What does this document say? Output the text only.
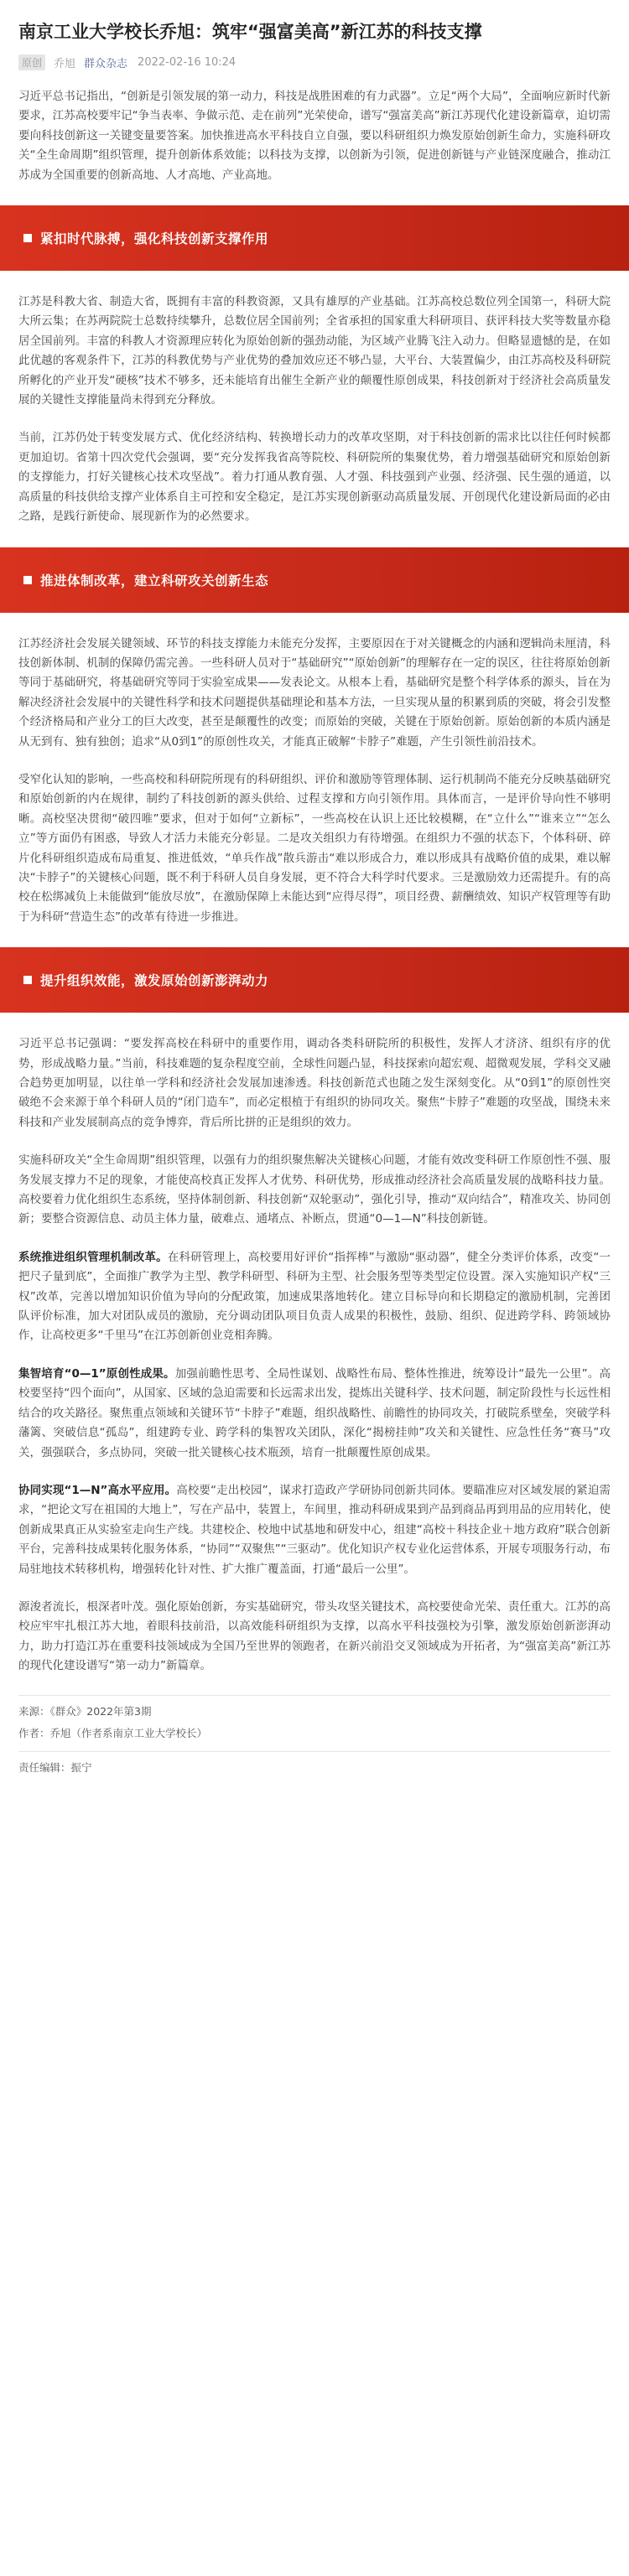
南京工业大学校长乔旭：筑牢“强富美高”新江苏的科技支撑
原创	乔旭 群众杂志 2022-02-16 10:24

习近平总书记指出，“创新是引领发展的第一动力，科技是战胜困难的有力武器”。立足“两个大局”，全面响应新时代新要求，江苏高校要牢记“争当表率、争做示范、走在前列”光荣使命，谱写“强富美高”新江苏现代化建设新篇章，迫切需要向科技创新这一关键变量要答案。加快推进高水平科技自立自强，要以科研组织力焕发原始创新生命力，实施科研攻关“全生命周期”组织管理，提升创新体系效能；以科技为支撑，以创新为引领，促进创新链与产业链深度融合，推动江苏成为全国重要的创新高地、人才高地、产业高地。

紧扣时代脉搏，强化科技创新支撑作用

江苏是科教大省、制造大省，既拥有丰富的科教资源，又具有雄厚的产业基础。江苏高校总数位列全国第一，科研大院大所云集；在苏两院院士总数持续攀升，总数位居全国前列；全省承担的国家重大科研项目、获评科技大奖等数量亦稳居全国前列。丰富的科教人才资源理应转化为原始创新的强劲动能，为区域产业腾飞注入动力。但略显遗憾的是，在如此优越的客观条件下，江苏的科教优势与产业优势的叠加效应还不够凸显，大平台、大装置偏少，由江苏高校及科研院所孵化的产业开发“硬核”技术不够多，还未能培育出催生全新产业的颠覆性原创成果，科技创新对于经济社会高质量发展的关键性支撑能量尚未得到充分释放。

当前，江苏仍处于转变发展方式、优化经济结构、转换增长动力的改革攻坚期，对于科技创新的需求比以往任何时候都更加迫切。省第十四次党代会强调，要“充分发挥我省高等院校、科研院所的集聚优势，着力增强基础研究和原始创新的支撑能力，打好关键核心技术攻坚战”。着力打通从教育强、人才强、科技强到产业强、经济强、民生强的通道，以高质量的科技供给支撑产业体系自主可控和安全稳定，是江苏实现创新驱动高质量发展、开创现代化建设新局面的必由之路，是践行新使命、展现新作为的必然要求。

推进体制改革，建立科研攻关创新生态

江苏经济社会发展关键领域、环节的科技支撑能力未能充分发挥，主要原因在于对关键概念的内涵和逻辑尚未厘清，科技创新体制、机制的保障仍需完善。一些科研人员对于“基础研究”“原始创新”的理解存在一定的误区，往往将原始创新等同于基础研究，将基础研究等同于实验室成果——发表论文。从根本上看，基础研究是整个科学体系的源头，旨在为解决经济社会发展中的关键性科学和技术问题提供基础理论和基本方法，一旦实现从量的积累到质的突破，将会引发整个经济格局和产业分工的巨大改变，甚至是颠覆性的改变；而原始的突破，关键在于原始创新。原始创新的本质内涵是从无到有、独有独创；追求“从0到1”的原创性攻关，才能真正破解“卡脖子”难题，产生引领性前沿技术。

受窄化认知的影响，一些高校和科研院所现有的科研组织、评价和激励等管理体制、运行机制尚不能充分反映基础研究和原始创新的内在规律，制约了科技创新的源头供给、过程支撑和方向引领作用。具体而言，一是评价导向性不够明晰。高校坚决贯彻“破四唯”要求，但对于如何“立新标”，一些高校在认识上还比较模糊，在“立什么”“谁来立”“怎么立”等方面仍有困惑，导致人才活力未能充分彰显。二是攻关组织力有待增强。在组织力不强的状态下，个体科研、碎片化科研组织造成布局重复、推进低效，“单兵作战”散兵游击“难以形成合力，难以形成具有战略价值的成果，难以解决“卡脖子”的关键核心问题，既不利于科研人员自身发展，更不符合大科学时代要求。三是激励效力还需提升。有的高校在松绑减负上未能做到“能放尽放”，在激励保障上未能达到“应得尽得”，项目经费、薪酬绩效、知识产权管理等有助于为科研“营造生态”的改革有待进一步推进。

提升组织效能，激发原始创新澎湃动力

习近平总书记强调：“要发挥高校在科研中的重要作用，调动各类科研院所的积极性，发挥人才济济、组织有序的优势，形成战略力量。”当前，科技难题的复杂程度空前，全球性问题凸显，科技探索向超宏观、超微观发展，学科交叉融合趋势更加明显，以往单一学科和经济社会发展加速渗透。科技创新范式也随之发生深刻变化。从“0到1”的原创性突破绝不会来源于单个科研人员的“闭门造车”，而必定根植于有组织的协同攻关。聚焦“卡脖子”难题的攻坚战，围绕未来科技和产业发展制高点的竞争博弈，背后所比拼的正是组织的效力。

实施科研攻关“全生命周期”组织管理，以强有力的组织聚焦解决关键核心问题，才能有效改变科研工作原创性不强、服务发展支撑力不足的现象，才能使高校真正发挥人才优势、科研优势，形成推动经济社会高质量发展的战略科技力量。高校要着力优化组织生态系统，坚持体制创新、科技创新“双轮驱动”，强化引导，推动“双向结合”，精准攻关、协同创新；要整合资源信息、动员主体力量，破难点、通堵点、补断点，贯通“0—1—N”科技创新链。

系统推进组织管理机制改革。在科研管理上，高校要用好评价“指挥棒”与激励“驱动器”，健全分类评价体系，改变“一把尺子量到底”，全面推广教学为主型、教学科研型、科研为主型、社会服务型等类型定位设置。深入实施知识产权“三权”改革，完善以增加知识价值为导向的分配政策，加速成果落地转化。建立目标导向和长期稳定的激励机制，完善团队评价标准，加大对团队成员的激励，充分调动团队项目负责人成果的积极性，鼓励、组织、促进跨学科、跨领域协作，让高校更多“千里马”在江苏创新创业竞相奔腾。

集智培育“0—1”原创性成果。加强前瞻性思考、全局性谋划、战略性布局、整体性推进，统筹设计“最先一公里”。高校要坚持“四个面向”，从国家、区域的急迫需要和长远需求出发，提炼出关键科学、技术问题，制定阶段性与长远性相结合的攻关路径。聚焦重点领域和关键环节“卡脖子”难题，组织战略性、前瞻性的协同攻关，打破院系壁垒，突破学科藩篱、突破信息“孤岛”，组建跨专业、跨学科的集智攻关团队，深化“揭榜挂帅”攻关和关键性、应急性任务“赛马”攻关，强强联合，多点协同，突破一批关键核心技术瓶颈，培育一批颠覆性原创成果。

协同实现“1—N”高水平应用。高校要“走出校园”，谋求打造政产学研协同创新共同体。要瞄准应对区域发展的紧迫需求，“把论文写在祖国的大地上”，写在产品中，装置上，车间里，推动科研成果到产品到商品再到用品的应用转化，使创新成果真正从实验室走向生产线。共建校企、校地中试基地和研发中心，组建“高校＋科技企业＋地方政府”联合创新平台，完善科技成果转化服务体系，“协同”“双聚焦”“三驱动”。优化知识产权专业化运营体系，开展专项服务行动，布局驻地技术转移机构，增强转化针对性、扩大推广覆盖面，打通“最后一公里”。

源浚者流长，根深者叶茂。强化原始创新，夯实基础研究，带头攻坚关键技术，高校要使命光荣、责任重大。江苏的高校应牢牢扎根江苏大地，着眼科技前沿，以高效能科研组织为支撑，以高水平科技强校为引擎，激发原始创新澎湃动力，助力打造江苏在重要科技领域成为全国乃至世界的领跑者，在新兴前沿交叉领域成为开拓者，为“强富美高”新江苏的现代化建设谱写“第一动力”新篇章。

来源：《群众》2022年第3期
作者：乔旭（作者系南京工业大学校长）
责任编辑：振宁
